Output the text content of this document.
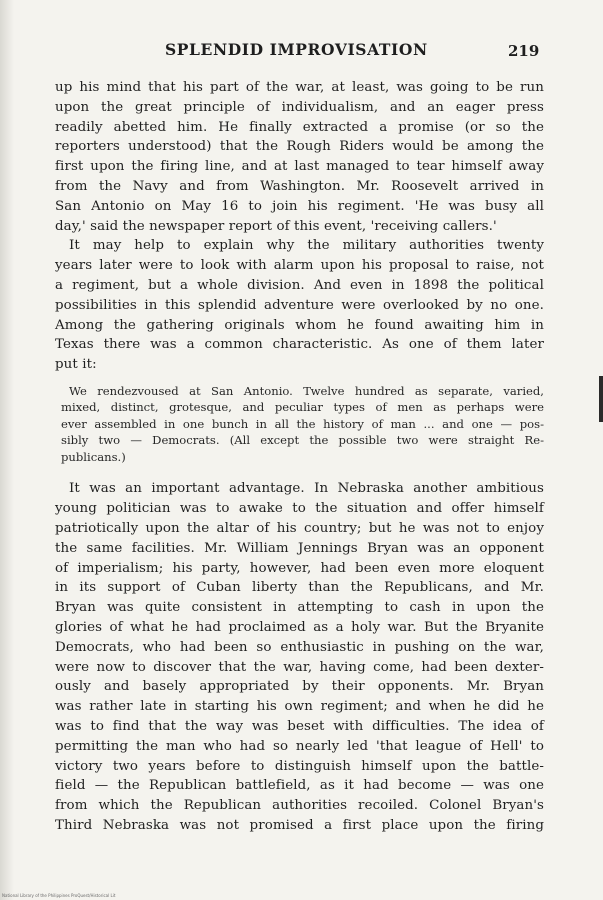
SPLENDID IMPROVISATION	219
up his mind that his part of the war, at least, was going to be run
upon the great principle of individualism, and an eager press
readily abetted him. He finally extracted a promise (or so the
reporters understood) that the Rough Riders would be among the
first upon the firing line, and at last managed to tear himself away
from the Navy and from Washington. Mr. Roosevelt arrived in
San Antonio on May 16 to join his regiment. 'He was busy all
day,' said the newspaper report of this event, 'receiving callers.'
It may help to explain why the military authorities twenty
years later were to look with alarm upon his proposal to raise, not
a regiment, but a whole division. And even in 1898 the political
possibilities in this splendid adventure were overlooked by no one.
Among the gathering originals whom he found awaiting him in
Texas there was a common characteristic. As one of them later
put it:
We rendezvoused at San Antonio. Twelve hundred as separate, varied,
mixed, distinct, grotesque, and peculiar types of men as perhaps were
ever assembled in one bunch in all the history of man ... and one — pos-
sibly two — Democrats. (All except the possible two were straight Re-
publicans.)
It was an important advantage. In Nebraska another ambitious
young politician was to awake to the situation and offer himself
patriotically upon the altar of his country; but he was not to enjoy
the same facilities. Mr. William Jennings Bryan was an opponent
of imperialism; his party, however, had been even more eloquent
in its support of Cuban liberty than the Republicans, and Mr.
Bryan was quite consistent in attempting to cash in upon the
glories of what he had proclaimed as a holy war. But the Bryanite
Democrats, who had been so enthusiastic in pushing on the war,
were now to discover that the war, having come, had been dexter-
ously and basely appropriated by their opponents. Mr. Bryan
was rather late in starting his own regiment; and when he did he
was to find that the way was beset with difficulties. The idea of
permitting the man who had so nearly led 'that league of Hell' to
victory two years before to distinguish himself upon the battle-
field — the Republican battlefield, as it had become — was one
from which the Republican authorities recoiled. Colonel Bryan's
Third Nebraska was not promised a first place upon the firing
National Library of the Philippines ProQuest/Historical Lit
